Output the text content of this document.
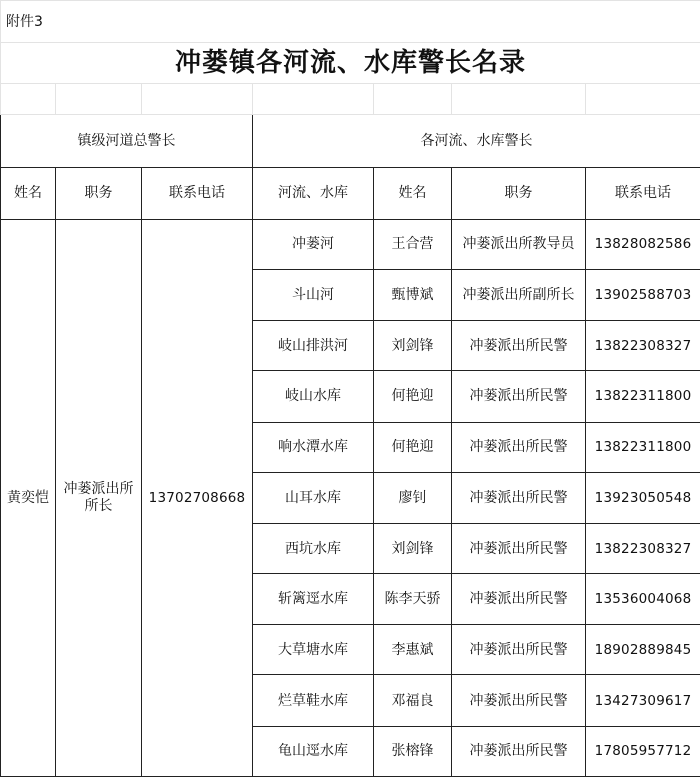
附件3						
冲蒌镇各河流、水库警长名录						

镇级河道总警长			各河流、水库警长			
姓名	职务	联系电话	河流、水库	姓名	职务	联系电话
黄奕恺	冲蒌派出所所长	13702708668	冲蒌河	王合营	冲蒌派出所教导员	13828082586
			斗山河	甄博斌	冲蒌派出所副所长	13902588703
			岐山排洪河	刘剑锋	冲蒌派出所民警	13822308327
			岐山水库	何艳迎	冲蒌派出所民警	13822311800
			响水潭水库	何艳迎	冲蒌派出所民警	13822311800
			山耳水库	廖钊	冲蒌派出所民警	13923050548
			西坑水库	刘剑锋	冲蒌派出所民警	13822308327
			斩篱逕水库	陈李天骄	冲蒌派出所民警	13536004068
			大草塘水库	李惠斌	冲蒌派出所民警	18902889845
			烂草鞋水库	邓福良	冲蒌派出所民警	13427309617
			龟山逕水库	张榕锋	冲蒌派出所民警	17805957712
